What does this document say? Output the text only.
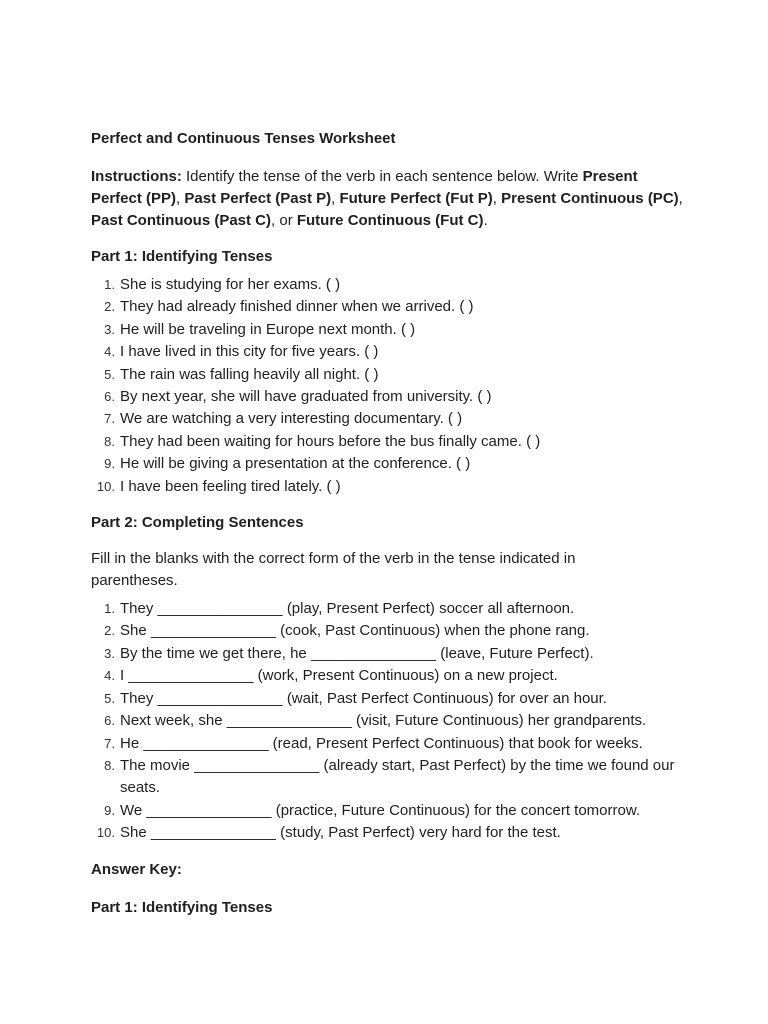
Perfect and Continuous Tenses Worksheet
Instructions: Identify the tense of the verb in each sentence below. Write Present Perfect (PP), Past Perfect (Past P), Future Perfect (Fut P), Present Continuous (PC), Past Continuous (Past C), or Future Continuous (Fut C).
Part 1: Identifying Tenses
1. She is studying for her exams. ( )
2. They had already finished dinner when we arrived. ( )
3. He will be traveling in Europe next month. ( )
4. I have lived in this city for five years. ( )
5. The rain was falling heavily all night. ( )
6. By next year, she will have graduated from university. ( )
7. We are watching a very interesting documentary. ( )
8. They had been waiting for hours before the bus finally came. ( )
9. He will be giving a presentation at the conference. ( )
10. I have been feeling tired lately. ( )
Part 2: Completing Sentences
Fill in the blanks with the correct form of the verb in the tense indicated in parentheses.
1. They _______________ (play, Present Perfect) soccer all afternoon.
2. She _______________ (cook, Past Continuous) when the phone rang.
3. By the time we get there, he _______________ (leave, Future Perfect).
4. I _______________ (work, Present Continuous) on a new project.
5. They _______________ (wait, Past Perfect Continuous) for over an hour.
6. Next week, she _______________ (visit, Future Continuous) her grandparents.
7. He _______________ (read, Present Perfect Continuous) that book for weeks.
8. The movie _______________ (already start, Past Perfect) by the time we found our seats.
9. We _______________ (practice, Future Continuous) for the concert tomorrow.
10. She _______________ (study, Past Perfect) very hard for the test.
Answer Key:
Part 1: Identifying Tenses
